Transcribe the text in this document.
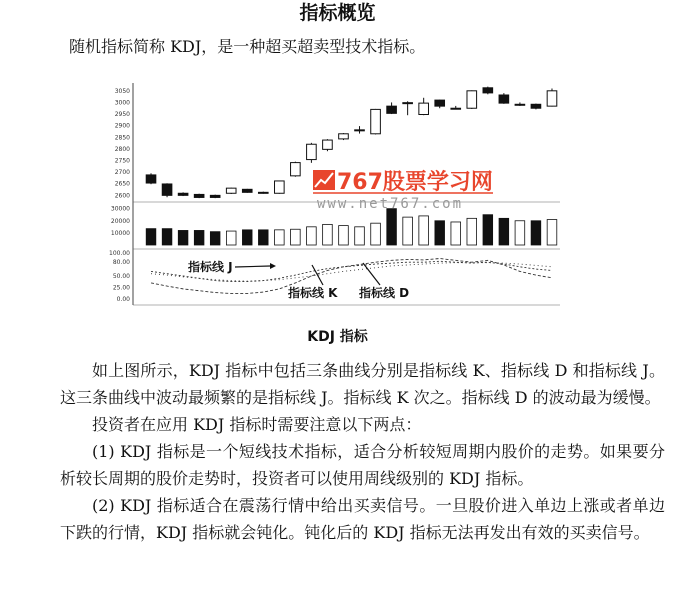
指标概览
随机指标简称 KDJ，是一种超买超卖型技术指标。
2600
2650
2700
2750
2800
2850
2900
2950
3000
3050
10000
20000
30000
0.00
25.00
50.00
80.00
100.00
767股票学习网
www.net767.com
指标线 J
指标线 K 指标线 D
KDJ 指标

如上图所示，KDJ 指标中包括三条曲线分别是指标线 K、指标线 D 和指标线 J。这三条曲线中波动最频繁的是指标线 J。指标线 K 次之。指标线 D 的波动最为缓慢。

投资者在应用 KDJ 指标时需要注意以下两点：

(1) KDJ 指标是一个短线技术指标，适合分析较短周期内股价的走势。如果要分析较长周期的股价走势时，投资者可以使用周线级别的 KDJ 指标。

(2) KDJ 指标适合在震荡行情中给出买卖信号。一旦股价进入单边上涨或者单边下跌的行情，KDJ 指标就会钝化。钝化后的 KDJ 指标无法再发出有效的买卖信号。
